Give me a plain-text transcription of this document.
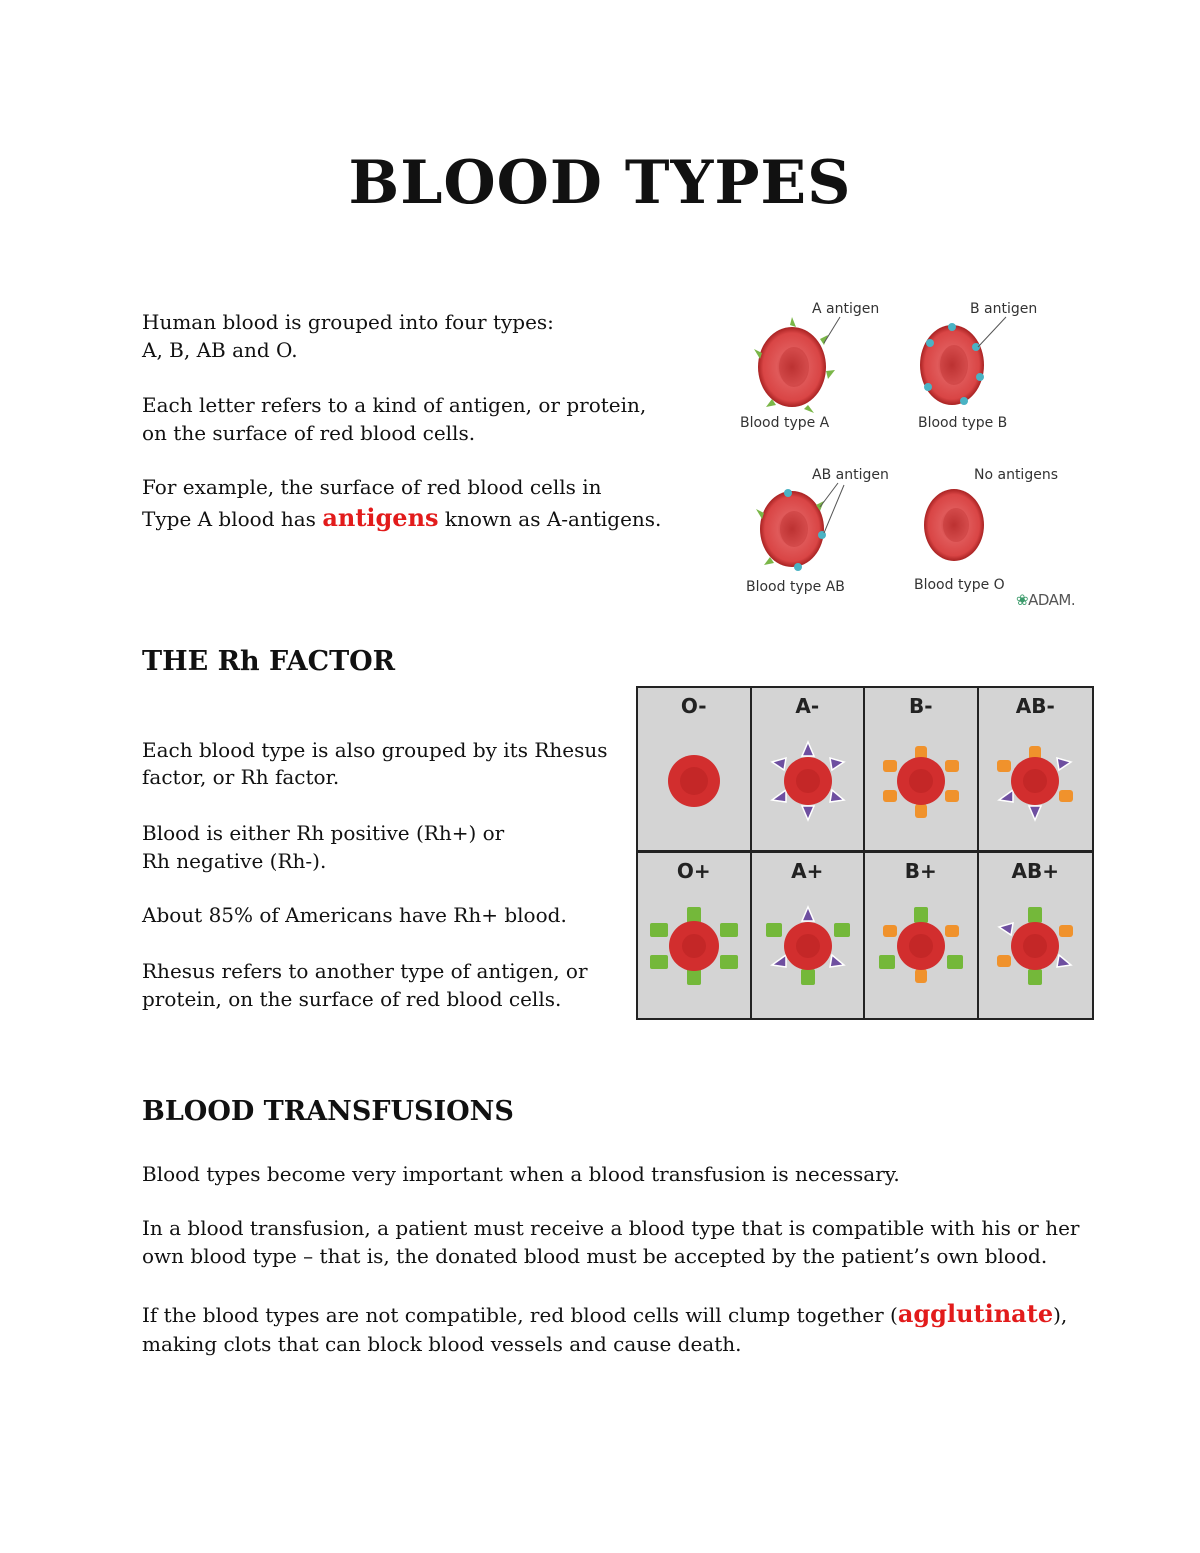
BLOOD TYPES
Human blood is grouped into four types:
A, B, AB and O.
Each letter refers to a kind of antigen, or protein,
on the surface of red blood cells.
For example, the surface of red blood cells in
Type A blood has antigens known as A-antigens.
A antigen	B antigen
Blood type A	Blood type B
AB antigen	No antigens
Blood type AB	Blood type O
❀ADAM.
THE Rh FACTOR
Each blood type is also grouped by its Rhesus
factor, or Rh factor.
Blood is either Rh positive (Rh+) or
Rh negative (Rh-).
About 85% of Americans have Rh+ blood.
Rhesus refers to another type of antigen, or
protein, on the surface of red blood cells.
O-	A-	B-	AB-
O+	A+	B+	AB+
BLOOD TRANSFUSIONS
Blood types become very important when a blood transfusion is necessary.
In a blood transfusion, a patient must receive a blood type that is compatible with his or her
own blood type – that is, the donated blood must be accepted by the patient’s own blood.
If the blood types are not compatible, red blood cells will clump together (agglutinate),
making clots that can block blood vessels and cause death.
